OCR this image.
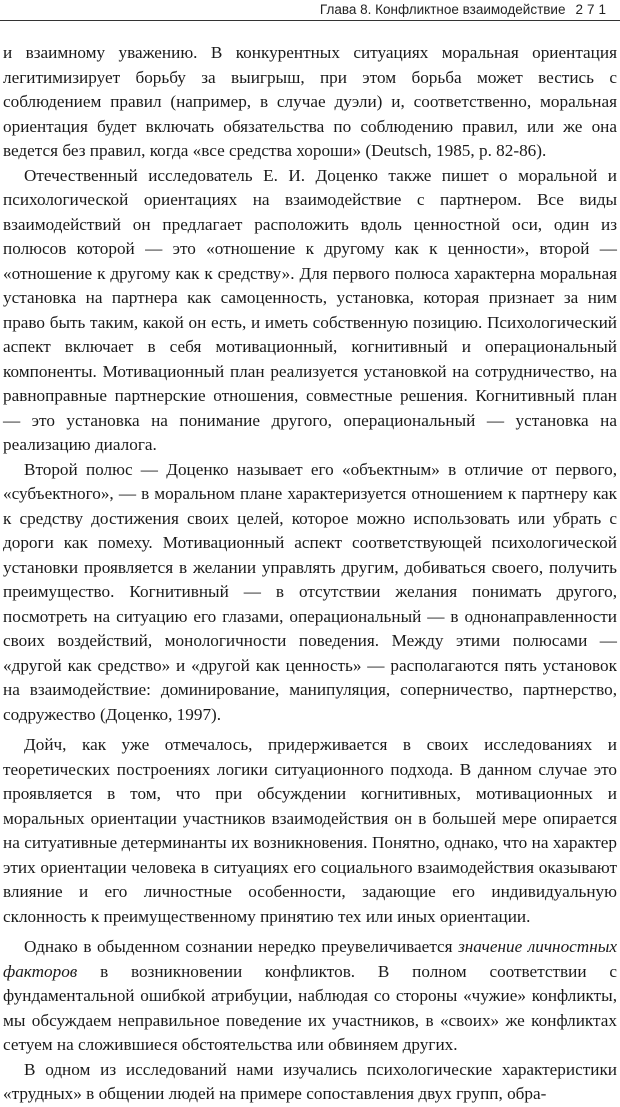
Глава 8. Конфликтное взаимодействие 271

и взаимному уважению. В конкурентных ситуациях моральная ориентация легитимизирует борьбу за выигрыш, при этом борьба может вестись с соблюдением правил (например, в случае дуэли) и, соответственно, моральная ориентация будет включать обязательства по соблюдению правил, или же она ведется без правил, когда «все средства хороши» (Deutsch, 1985, р. 82-86).

Отечественный исследователь Е. И. Доценко также пишет о моральной и психологической ориентациях на взаимодействие с партнером. Все виды взаимодействий он предлагает расположить вдоль ценностной оси, один из полюсов которой — это «отношение к другому как к ценности», второй — «отношение к другому как к средству». Для первого полюса характерна моральная установка на партнера как самоценность, установка, которая признает за ним право быть таким, какой он есть, и иметь собственную позицию. Психологический аспект включает в себя мотивационный, когнитивный и операциональный компоненты. Мотивационный план реализуется установкой на сотрудничество, на равноправные партнерские отношения, совместные решения. Когнитивный план — это установка на понимание другого, операциональный — установка на реализацию диалога.

Второй полюс — Доценко называет его «объектным» в отличие от первого, «субъектного», — в моральном плане характеризуется отношением к партнеру как к средству достижения своих целей, которое можно использовать или убрать с дороги как помеху. Мотивационный аспект соответствующей психологической установки проявляется в желании управлять другим, добиваться своего, получить преимущество. Когнитивный — в отсутствии желания понимать другого, посмотреть на ситуацию его глазами, операциональный — в однонаправленности своих воздействий, монологичности поведения. Между этими полюсами — «другой как средство» и «другой как ценность» — располагаются пять установок на взаимодействие: доминирование, манипуляция, соперничество, партнерство, содружество (Доценко, 1997).

Дойч, как уже отмечалось, придерживается в своих исследованиях и теоретических построениях логики ситуационного подхода. В данном случае это проявляется в том, что при обсуждении когнитивных, мотивационных и моральных ориентации участников взаимодействия он в большей мере опирается на ситуативные детерминанты их возникновения. Понятно, однако, что на характер этих ориентации человека в ситуациях его социального взаимодействия оказывают влияние и его личностные особенности, задающие его индивидуальную склонность к преимущественному принятию тех или иных ориентации.

Однако в обыденном сознании нередко преувеличивается значение личностных факторов в возникновении конфликтов. В полном соответствии с фундаментальной ошибкой атрибуции, наблюдая со стороны «чужие» конфликты, мы обсуждаем неправильное поведение их участников, в «своих» же конфликтах сетуем на сложившиеся обстоятельства или обвиняем других.

В одном из исследований нами изучались психологические характеристики «трудных» в общении людей на примере сопоставления двух групп, обра-
